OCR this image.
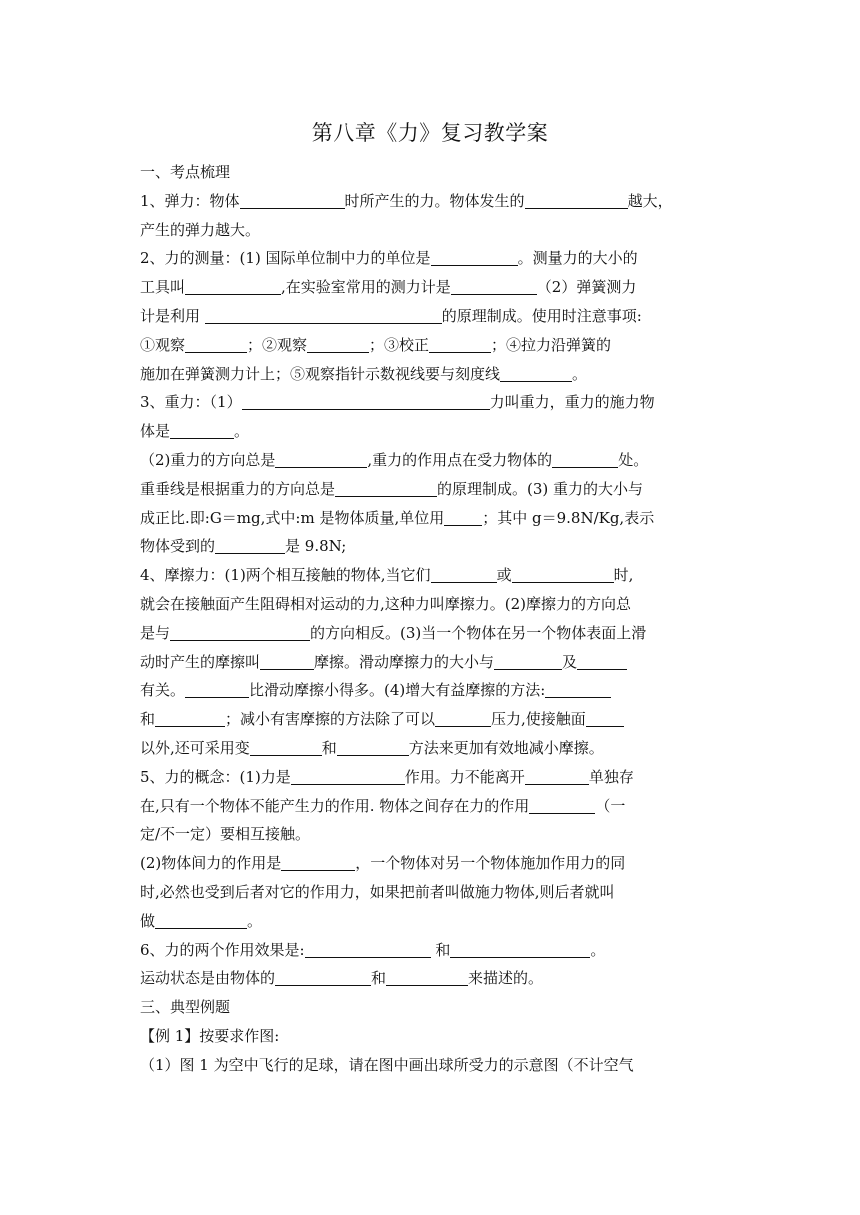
第八章《力》复习教学案

一、考点梳理

1、弹力：物体	时所产生的力。物体发生的	越大，

产生的弹力越大。

2、力的测量：(1) 国际单位制中力的单位是	。测量力的大小的

工具叫	,在实验室常用的测力计是	（2）弹簧测力

计是利用	的原理制成。使用时注意事项:

①观察	；②观察	；③校正	；④拉力沿弹簧的

施加在弹簧测力计上；⑤观察指针示数视线要与刻度线	。

3、重力：（1）	力叫重力，重力的施力物

体是	。

（2)重力的方向总是	,重力的作用点在受力物体的	处。

重垂线是根据重力的方向总是	的原理制成。(3) 重力的大小与

成正比.即:G＝mg,式中:m 是物体质量,单位用	；其中 g＝9.8N/Kg,表示

物体受到的	是 9.8N;

4、摩擦力：(1)两个相互接触的物体,当它们	或	时,

就会在接触面产生阻碍相对运动的力,这种力叫摩擦力。(2)摩擦力的方向总

是与	的方向相反。(3)当一个物体在另一个物体表面上滑

动时产生的摩擦叫	摩擦。滑动摩擦力的大小与	及

有关。	比滑动摩擦小得多。(4)增大有益摩擦的方法:

和	；减小有害摩擦的方法除了可以	压力,使接触面

以外,还可采用变	和	方法来更加有效地减小摩擦。

5、力的概念：(1)力是	作用。力不能离开	单独存

在,只有一个物体不能产生力的作用. 物体之间存在力的作用	（一

定/不一定）要相互接触。

(2)物体间力的作用是	，一个物体对另一个物体施加作用力的同

时,必然也受到后者对它的作用力，如果把前者叫做施力物体,则后者就叫

做	。

6、力的两个作用效果是:	和	。

运动状态是由物体的	和	来描述的。

三、典型例题

【例 1】按要求作图:

（1）图 1 为空中飞行的足球，请在图中画出球所受力的示意图（不计空气
